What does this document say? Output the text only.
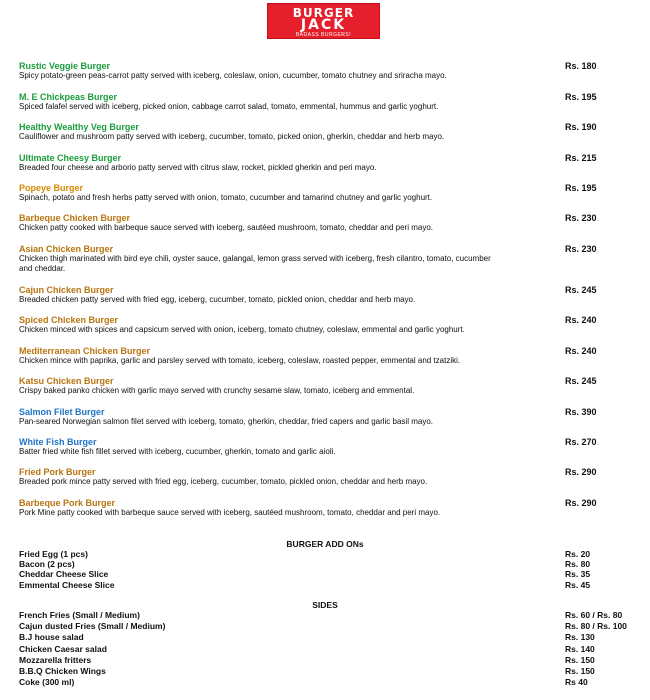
BURGER
JACK
BADASS BURGERS!
Rustic Veggie Burger
Spicy potato-green peas-carrot patty served with iceberg, coleslaw, onion, cucumber, tomato chutney and sriracha mayo.
Rs. 180
M. E Chickpeas Burger
Spiced falafel served with iceberg, picked onion, cabbage carrot salad, tomato, emmental, hummus and garlic yoghurt.
Rs. 195
Healthy Wealthy Veg Burger
Cauliflower and mushroom patty served with iceberg, cucumber, tomato, picked onion, gherkin, cheddar and herb mayo.
Rs. 190
Ultimate Cheesy Burger
Breaded four cheese and arborio patty served with citrus slaw, rocket, pickled gherkin and peri mayo.
Rs. 215
Popeye Burger
Spinach, potato and fresh herbs patty served with onion, tomato, cucumber and tamarind chutney and garlic yoghurt.
Rs. 195
Barbeque Chicken Burger
Chicken patty cooked with barbeque sauce served with iceberg, sautéed mushroom, tomato, cheddar and peri mayo.
Rs. 230
Asian Chicken Burger
Chicken thigh marinated with bird eye chili, oyster sauce, galangal, lemon grass served with iceberg, fresh cilantro, tomato, cucumber and cheddar.
Rs. 230
Cajun Chicken Burger
Breaded chicken patty served with fried egg, iceberg, cucumber, tomato, pickled onion, cheddar and herb mayo.
Rs. 245
Spiced Chicken Burger
Chicken minced with spices and capsicum served with onion, iceberg, tomato chutney, coleslaw, emmental and garlic yoghurt.
Rs. 240
Mediterranean Chicken Burger
Chicken mince with paprika, garlic and parsley served with tomato, iceberg, coleslaw, roasted pepper, emmental and tzatziki.
Rs. 240
Katsu Chicken Burger
Crispy baked panko chicken with garlic mayo served with crunchy sesame slaw, tomato, iceberg and emmental.
Rs. 245
Salmon Filet Burger
Pan-seared Norwegian salmon filet served with iceberg, tomato, gherkin, cheddar, fried capers and garlic basil mayo.
Rs. 390
White Fish Burger
Batter fried white fish fillet served with iceberg, cucumber, gherkin, tomato and garlic aioli.
Rs. 270
Fried Pork Burger
Breaded pork mince patty served with fried egg, iceberg, cucumber, tomato, pickled onion, cheddar and herb mayo.
Rs. 290
Barbeque Pork Burger
Pork Mine patty cooked with barbeque sauce served with iceberg, sautéed mushroom, tomato, cheddar and peri mayo.
Rs. 290
BURGER ADD ONs
Fried Egg (1 pcs)	Rs. 20
Bacon (2 pcs)	Rs. 80
Cheddar Cheese Slice	Rs. 35
Emmental Cheese Slice	Rs. 45
SIDES
French Fries (Small / Medium)	Rs. 60 / Rs. 80
Cajun dusted Fries (Small / Medium)	Rs. 80 / Rs. 100
B.J house salad	Rs. 130
Chicken Caesar salad	Rs. 140
Mozzarella fritters	Rs. 150
B.B.Q Chicken Wings	Rs. 150
Coke (300 ml)	Rs 40
